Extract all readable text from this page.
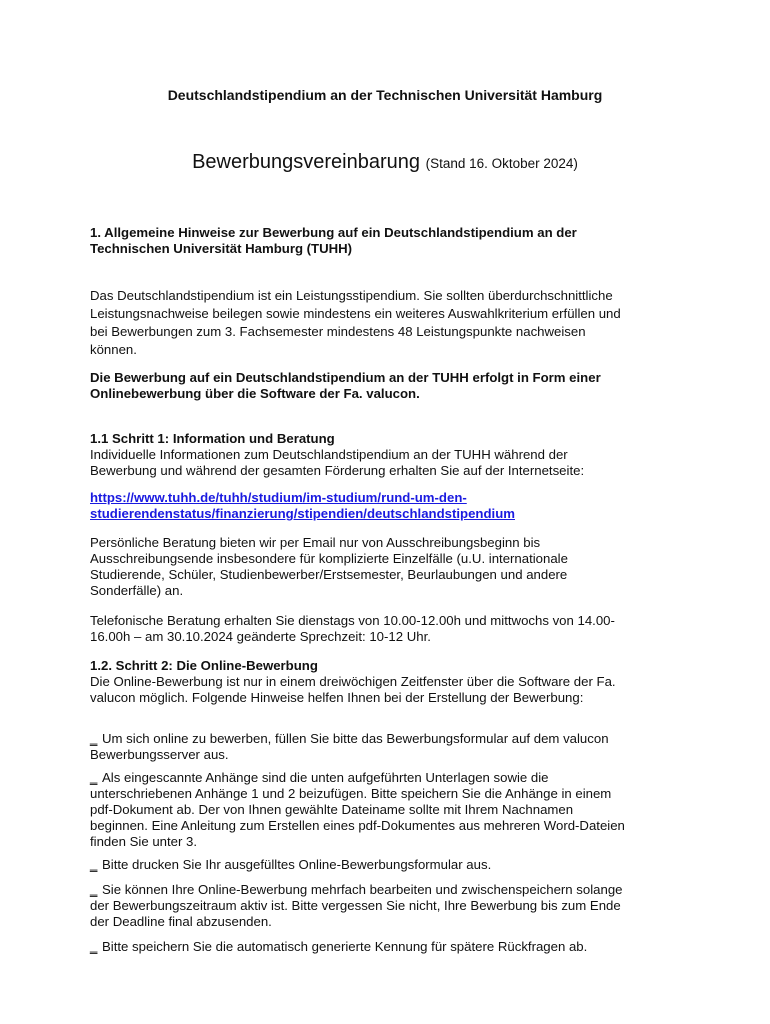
Deutschlandstipendium an der Technischen Universität Hamburg
Bewerbungsvereinbarung (Stand 16. Oktober 2024)
1. Allgemeine Hinweise zur Bewerbung auf ein Deutschlandstipendium an der
Technischen Universität Hamburg (TUHH)
Das Deutschlandstipendium ist ein Leistungsstipendium. Sie sollten überdurchschnittliche
Leistungsnachweise beilegen sowie mindestens ein weiteres Auswahlkriterium erfüllen und
bei Bewerbungen zum 3. Fachsemester mindestens 48 Leistungspunkte nachweisen
können.
Die Bewerbung auf ein Deutschlandstipendium an der TUHH erfolgt in Form einer
Onlinebewerbung über die Software der Fa. valucon.
1.1 Schritt 1: Information und Beratung
Individuelle Informationen zum Deutschlandstipendium an der TUHH während der
Bewerbung und während der gesamten Förderung erhalten Sie auf der Internetseite:
https://www.tuhh.de/tuhh/studium/im-studium/rund-um-den-
studierendenstatus/finanzierung/stipendien/deutschlandstipendium
Persönliche Beratung bieten wir per Email nur von Ausschreibungsbeginn bis
Ausschreibungsende insbesondere für komplizierte Einzelfälle (u.U. internationale
Studierende, Schüler, Studienbewerber/Erstsemester, Beurlaubungen und andere
Sonderfälle) an.
Telefonische Beratung erhalten Sie dienstags von 10.00-12.00h und mittwochs von 14.00-
16.00h – am 30.10.2024 geänderte Sprechzeit: 10-12 Uhr.
1.2. Schritt 2: Die Online-Bewerbung
Die Online-Bewerbung ist nur in einem dreiwöchigen Zeitfenster über die Software der Fa.
valucon möglich. Folgende Hinweise helfen Ihnen bei der Erstellung der Bewerbung:
‗ Um sich online zu bewerben, füllen Sie bitte das Bewerbungsformular auf dem valucon
Bewerbungsserver aus.
‗ Als eingescannte Anhänge sind die unten aufgeführten Unterlagen sowie die
unterschriebenen Anhänge 1 und 2 beizufügen. Bitte speichern Sie die Anhänge in einem
pdf-Dokument ab. Der von Ihnen gewählte Dateiname sollte mit Ihrem Nachnamen
beginnen. Eine Anleitung zum Erstellen eines pdf-Dokumentes aus mehreren Word-Dateien
finden Sie unter 3.
‗ Bitte drucken Sie Ihr ausgefülltes Online-Bewerbungsformular aus.
‗ Sie können Ihre Online-Bewerbung mehrfach bearbeiten und zwischenspeichern solange
der Bewerbungszeitraum aktiv ist. Bitte vergessen Sie nicht, Ihre Bewerbung bis zum Ende
der Deadline final abzusenden.
‗ Bitte speichern Sie die automatisch generierte Kennung für spätere Rückfragen ab.
